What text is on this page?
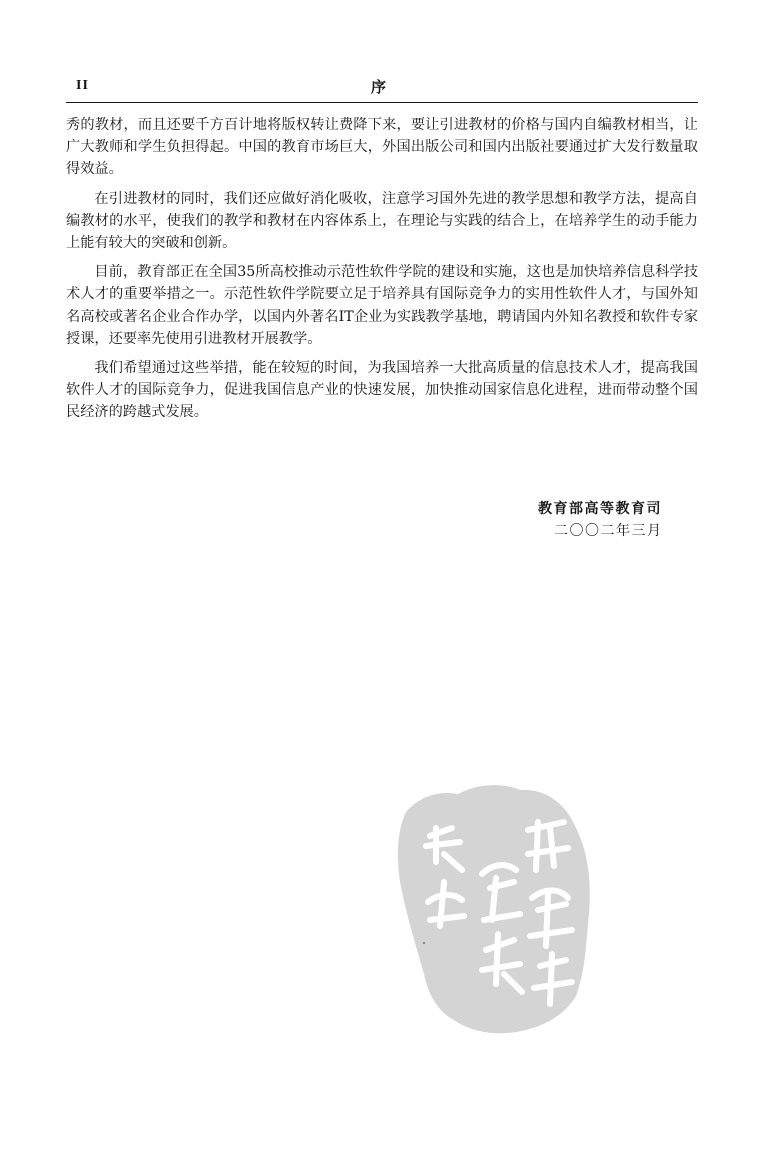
II	序

秀的教材，而且还要千方百计地将版权转让费降下来，要让引进教材的价格与国内自编教材相当，让广大教师和学生负担得起。中国的教育市场巨大，外国出版公司和国内出版社要通过扩大发行数量取得效益。

在引进教材的同时，我们还应做好消化吸收，注意学习国外先进的教学思想和教学方法，提高自编教材的水平，使我们的教学和教材在内容体系上，在理论与实践的结合上，在培养学生的动手能力上能有较大的突破和创新。

目前，教育部正在全国35所高校推动示范性软件学院的建设和实施，这也是加快培养信息科学技术人才的重要举措之一。示范性软件学院要立足于培养具有国际竞争力的实用性软件人才，与国外知名高校或著名企业合作办学，以国内外著名IT企业为实践教学基地，聘请国内外知名教授和软件专家授课，还要率先使用引进教材开展教学。

我们希望通过这些举措，能在较短的时间，为我国培养一大批高质量的信息技术人才，提高我国软件人才的国际竞争力，促进我国信息产业的快速发展，加快推动国家信息化进程，进而带动整个国民经济的跨越式发展。

教育部高等教育司
二〇〇二年三月
